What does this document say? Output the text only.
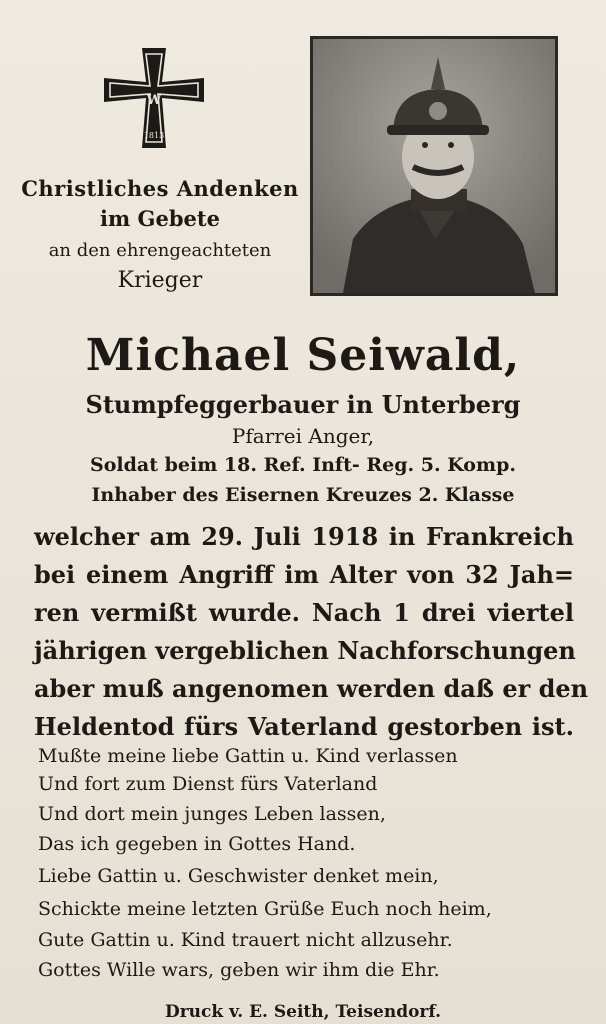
W
1813
Christliches Andenken
im Gebete
an den ehrengeachteten
Krieger
Michael Seiwald,
Stumpfeggerbauer in Unterberg
Pfarrei Anger,
Soldat beim 18. Ref. Inft- Reg. 5. Komp.
Inhaber des Eisernen Kreuzes 2. Klasse
welcher am 29. Juli 1918 in Frankreich
bei einem Angriff im Alter von 32 Jah=
ren vermißt wurde. Nach 1 drei viertel
jährigen vergeblichen Nachforschungen
aber muß angenomen werden daß er den
Heldentod fürs Vaterland gestorben ist.
Mußte meine liebe Gattin u. Kind verlassen
Und fort zum Dienst fürs Vaterland
Und dort mein junges Leben lassen,
Das ich gegeben in Gottes Hand.
Liebe Gattin u. Geschwister denket mein,
Schickte meine letzten Grüße Euch noch heim,
Gute Gattin u. Kind trauert nicht allzusehr.
Gottes Wille wars, geben wir ihm die Ehr.
Druck v. E. Seith, Teisendorf.
